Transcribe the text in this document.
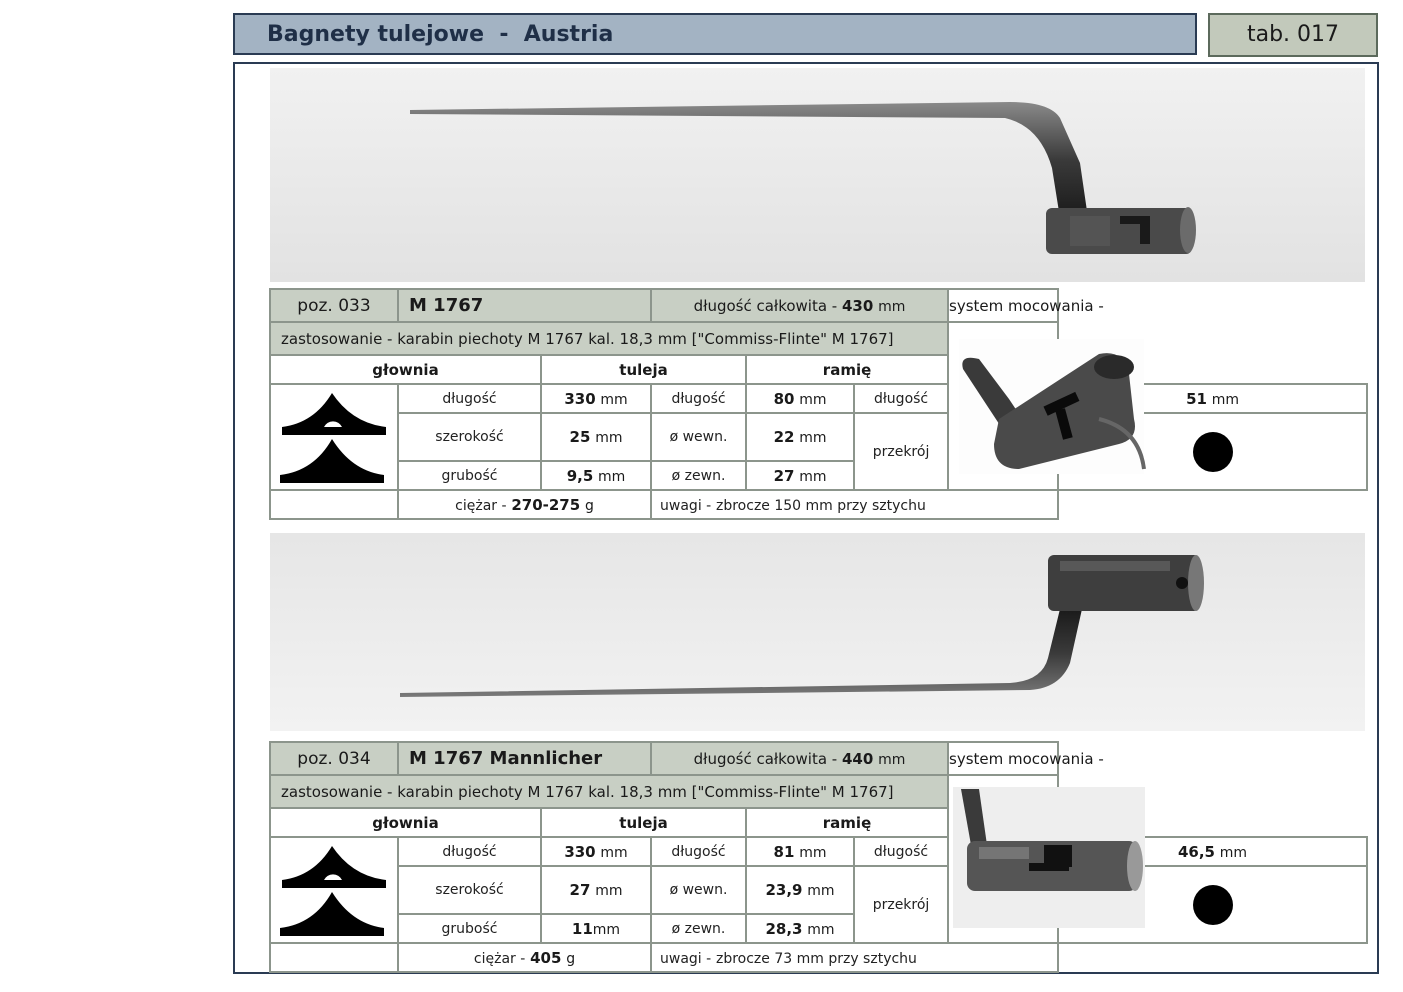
Bagnety tulejowe  -  Austria	tab. 017
poz. 033	M 1767		długość całkowita - 430 mm			system mocowania -	
zastosowanie - karabin piechoty M 1767 kal. 18,3 mm ["Commiss-Flinte" M 1767]	
głownia		tuleja		ramię			
	długość	330 mm	długość	80 mm	długość		51 mm
	szerokość	25 mm	ø wewn.	22 mm	przekrój		
	grubość	9,5 mm	ø zewn.	27 mm			
	ciężar - 270-275 g		uwagi - zbrocze 150 mm przy sztychu				
poz. 034	M 1767 Mannlicher		długość całkowita - 440 mm			system mocowania -	
zastosowanie - karabin piechoty M 1767 kal. 18,3 mm ["Commiss-Flinte" M 1767]	
głownia		tuleja		ramię			
	długość	330 mm	długość	81 mm	długość		46,5 mm
	szerokość	27 mm	ø wewn.	23,9 mm	przekrój		
	grubość	11mm	ø zewn.	28,3 mm			
	ciężar - 405 g		uwagi - zbrocze 73 mm przy sztychu				
